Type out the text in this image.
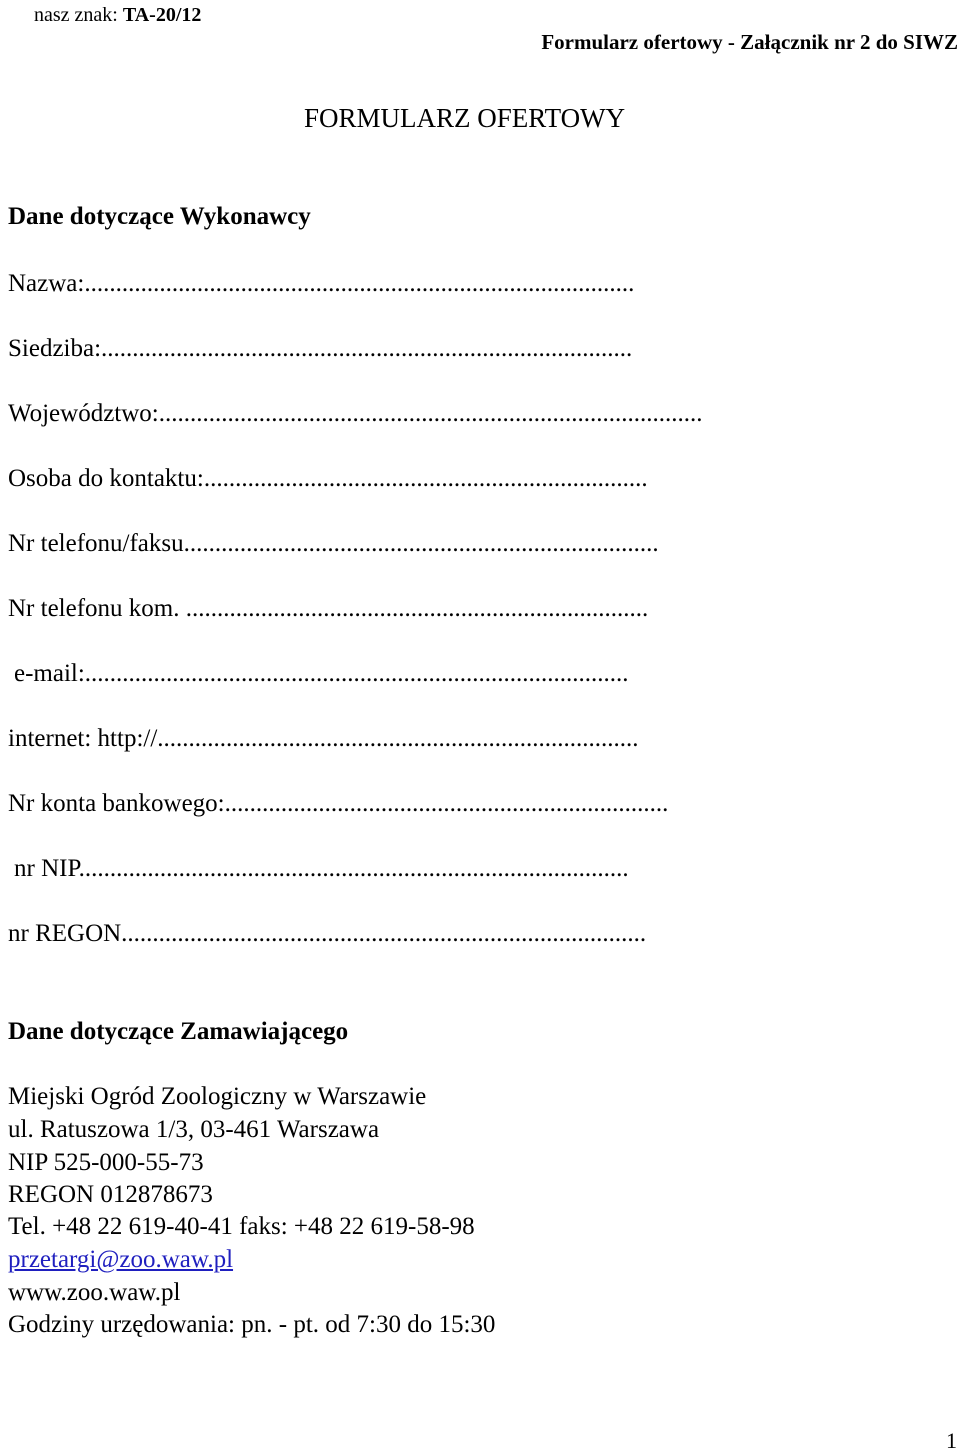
nasz znak: TA-20/12
Formularz ofertowy - Załącznik nr 2 do SIWZ
FORMULARZ OFERTOWY
Dane dotyczące Wykonawcy
Nazwa:........................................................................................
Siedziba:.....................................................................................
Województwo:.......................................................................................
Osoba do kontaktu:.......................................................................
Nr telefonu/faksu............................................................................
Nr telefonu kom. ..........................................................................
e-mail:.......................................................................................
internet: http://.............................................................................
Nr konta bankowego:.......................................................................
nr NIP........................................................................................
nr REGON....................................................................................
Dane dotyczące Zamawiającego
Miejski Ogród Zoologiczny w Warszawie
ul. Ratuszowa 1/3, 03-461 Warszawa
NIP 525-000-55-73
REGON 012878673
Tel. +48 22 619-40-41 faks: +48 22 619-58-98
przetargi@zoo.waw.pl
www.zoo.waw.pl
Godziny urzędowania: pn. - pt. od 7:30 do 15:30
1
